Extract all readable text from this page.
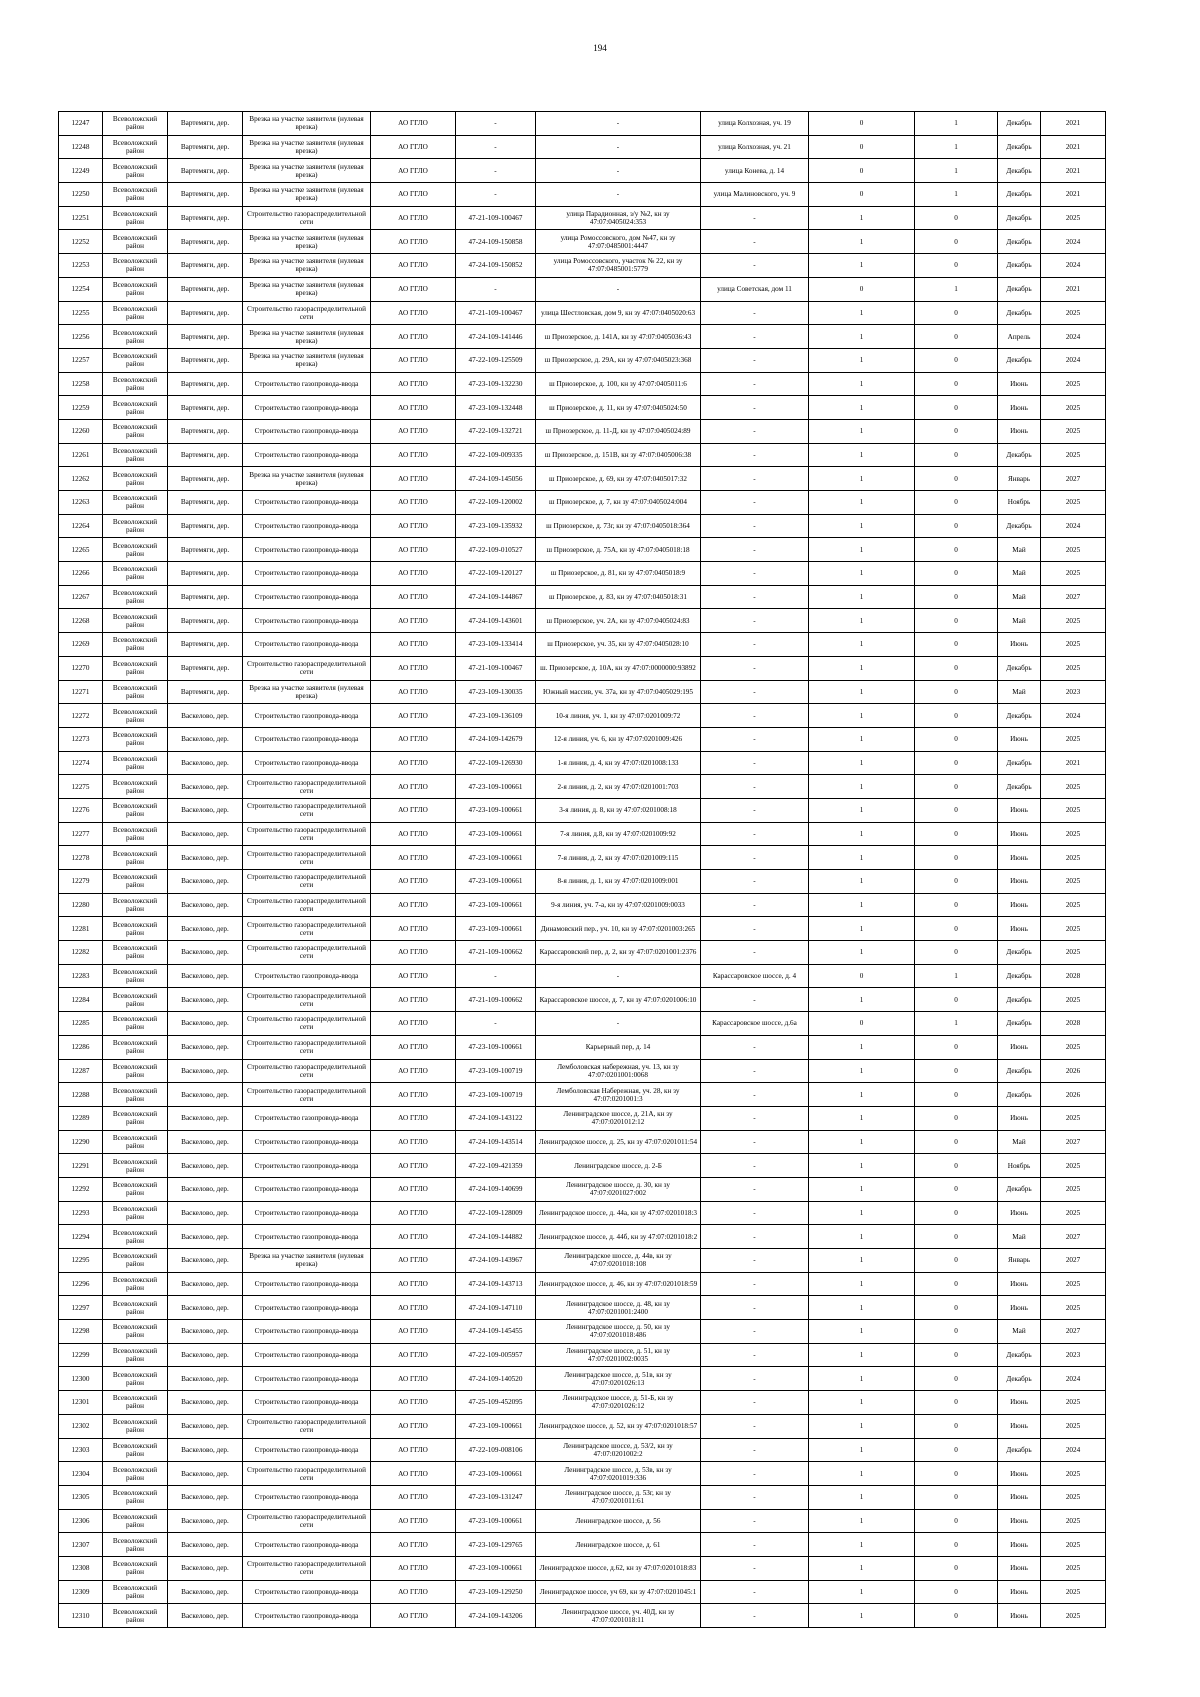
194
12247	Всеволожский район	Вартемяги, дер.	Врезка на участке заявителя (нулевая врезка)	АО ГГЛО	-	-	улица Колхозная, уч. 19	0	1	Декабрь	2021
12248	Всеволожский район	Вартемяги, дер.	Врезка на участке заявителя (нулевая врезка)	АО ГГЛО	-	-	улица Колхозная, уч. 21	0	1	Декабрь	2021
12249	Всеволожский район	Вартемяги, дер.	Врезка на участке заявителя (нулевая врезка)	АО ГГЛО	-	-	улица Конева, д. 14	0	1	Декабрь	2021
12250	Всеволожский район	Вартемяги, дер.	Врезка на участке заявителя (нулевая врезка)	АО ГГЛО	-	-	улица Малиновского, уч. 9	0	1	Декабрь	2021
12251	Всеволожский район	Вартемяги, дер.	Строительство газораспределительной сети	АО ГГЛО	47-21-109-100467	улица Парадионная, з/у №2, кн зу 47:07:0405024:353	-	1	0	Декабрь	2025
12252	Всеволожский район	Вартемяги, дер.	Врезка на участке заявителя (нулевая врезка)	АО ГГЛО	47-24-109-150858	улица Ромоссовского, дом №47, кн зу 47:07:0485001:4447	-	1	0	Декабрь	2024
12253	Всеволожский район	Вартемяги, дер.	Врезка на участке заявителя (нулевая врезка)	АО ГГЛО	47-24-109-150852	улица Ромоссовского, участок № 22, кн зу 47:07:0485001:5779	-	1	0	Декабрь	2024
12254	Всеволожский район	Вартемяги, дер.	Врезка на участке заявителя (нулевая врезка)	АО ГГЛО	-	-	улица Советская, дом 11	0	1	Декабрь	2021
12255	Всеволожский район	Вартемяги, дер.	Строительство газораспределительной сети	АО ГГЛО	47-21-109-100467	улица Шестловская, дом 9, кн зу 47:07:0405020:63	-	1	0	Декабрь	2025
12256	Всеволожский район	Вартемяги, дер.	Врезка на участке заявителя (нулевая врезка)	АО ГГЛО	47-24-109-141446	ш Приозерское, д. 141А, кн зу 47:07:0405036:43	-	1	0	Апрель	2024
12257	Всеволожский район	Вартемяги, дер.	Врезка на участке заявителя (нулевая врезка)	АО ГГЛО	47-22-109-125509	ш Приозерское, д. 29А, кн зу 47:07:0405023:368	-	1	0	Декабрь	2024
12258	Всеволожский район	Вартемяги, дер.	Строительство газопровода-ввода	АО ГГЛО	47-23-109-132230	ш Приозерское, д. 100, кн зу 47:07:0405011:6	-	1	0	Июнь	2025
12259	Всеволожский район	Вартемяги, дер.	Строительство газопровода-ввода	АО ГГЛО	47-23-109-132448	ш Приозерское, д. 11, кн зу 47:07:0405024:50	-	1	0	Июнь	2025
12260	Всеволожский район	Вартемяги, дер.	Строительство газопровода-ввода	АО ГГЛО	47-22-109-132721	ш Приозерское, д. 11-Д, кн зу 47:07:0405024:89	-	1	0	Июнь	2025
12261	Всеволожский район	Вартемяги, дер.	Строительство газопровода-ввода	АО ГГЛО	47-22-109-009335	ш Приозерское, д. 151В, кн зу 47:07:0405006:38	-	1	0	Декабрь	2025
12262	Всеволожский район	Вартемяги, дер.	Врезка на участке заявителя (нулевая врезка)	АО ГГЛО	47-24-109-145056	ш Приозерское, д. 69, кн зу 47:07:0405017:32	-	1	0	Январь	2027
12263	Всеволожский район	Вартемяги, дер.	Строительство газопровода-ввода	АО ГГЛО	47-22-109-120002	ш Приозерское, д. 7, кн зу 47:07:0405024:004	-	1	0	Ноябрь	2025
12264	Всеволожский район	Вартемяги, дер.	Строительство газопровода-ввода	АО ГГЛО	47-23-109-135932	ш Приозерское, д. 73г, кн зу 47:07:0405018:364	-	1	0	Декабрь	2024
12265	Всеволожский район	Вартемяги, дер.	Строительство газопровода-ввода	АО ГГЛО	47-22-109-010527	ш Приозерское, д. 75А, кн зу 47:07:0405018:18	-	1	0	Май	2025
12266	Всеволожский район	Вартемяги, дер.	Строительство газопровода-ввода	АО ГГЛО	47-22-109-120127	ш Приозерское, д. 81, кн зу 47:07:0405018:9	-	1	0	Май	2025
12267	Всеволожский район	Вартемяги, дер.	Строительство газопровода-ввода	АО ГГЛО	47-24-109-144867	ш Приозерское, д. 83, кн зу 47:07:0405018:31	-	1	0	Май	2027
12268	Всеволожский район	Вартемяги, дер.	Строительство газопровода-ввода	АО ГГЛО	47-24-109-143601	ш Приозерское, уч. 2А, кн зу 47:07:0405024:83	-	1	0	Май	2025
12269	Всеволожский район	Вартемяги, дер.	Строительство газопровода-ввода	АО ГГЛО	47-23-109-133414	ш Приозерское, уч. 35, кн зу 47:07:0405028:10	-	1	0	Июнь	2025
12270	Всеволожский район	Вартемяги, дер.	Строительство газораспределительной сети	АО ГГЛО	47-21-109-100467	ш. Приозерское, д. 10А, кн зу 47:07:0000000:93892	-	1	0	Декабрь	2025
12271	Всеволожский район	Вартемяги, дер.	Врезка на участке заявителя (нулевая врезка)	АО ГГЛО	47-23-109-130035	Южный массив, уч. 37а, кн зу 47:07:0405029:195	-	1	0	Май	2023
12272	Всеволожский район	Васкелово, дер.	Строительство газопровода-ввода	АО ГГЛО	47-23-109-136109	10-я линия, уч. 1, кн зу 47:07:0201009:72	-	1	0	Декабрь	2024
12273	Всеволожский район	Васкелово, дер.	Строительство газопровода-ввода	АО ГГЛО	47-24-109-142679	12-я линия, уч. 6, кн зу 47:07:0201009:426	-	1	0	Июнь	2025
12274	Всеволожский район	Васкелово, дер.	Строительство газопровода-ввода	АО ГГЛО	47-22-109-126930	1-я линия, д. 4, кн зу 47:07:0201008:133	-	1	0	Декабрь	2021
12275	Всеволожский район	Васкелово, дер.	Строительство газораспределительной сети	АО ГГЛО	47-23-109-100661	2-я линия, д. 2, кн зу 47:07:0201001:703	-	1	0	Декабрь	2025
12276	Всеволожский район	Васкелово, дер.	Строительство газораспределительной сети	АО ГГЛО	47-23-109-100661	3-я линия, д. 8, кн зу 47:07:0201008:18	-	1	0	Июнь	2025
12277	Всеволожский район	Васкелово, дер.	Строительство газораспределительной сети	АО ГГЛО	47-23-109-100661	7-я линия, д.8, кн зу 47:07:0201009:92	-	1	0	Июнь	2025
12278	Всеволожский район	Васкелово, дер.	Строительство газораспределительной сети	АО ГГЛО	47-23-109-100661	7-я линия, д. 2, кн зу 47:07:0201009:115	-	1	0	Июнь	2025
12279	Всеволожский район	Васкелово, дер.	Строительство газораспределительной сети	АО ГГЛО	47-23-109-100661	8-я линия, д. 1, кн зу 47:07:0201009:001	-	1	0	Июнь	2025
12280	Всеволожский район	Васкелово, дер.	Строительство газораспределительной сети	АО ГГЛО	47-23-109-100661	9-я линия, уч. 7-а, кн зу 47:07:0201009:0033	-	1	0	Июнь	2025
12281	Всеволожский район	Васкелово, дер.	Строительство газораспределительной сети	АО ГГЛО	47-23-109-100661	Динамовский пер., уч. 10, кн зу 47:07:0201003:265	-	1	0	Июнь	2025
12282	Всеволожский район	Васкелово, дер.	Строительство газораспределительной сети	АО ГГЛО	47-21-109-100662	Карассаровский пер, д. 2, кн зу 47:07:0201001:2376	-	1	0	Декабрь	2025
12283	Всеволожский район	Васкелово, дер.	Строительство газопровода-ввода	АО ГГЛО	-	-	Карассаровское шоссе, д. 4	0	1	Декабрь	2028
12284	Всеволожский район	Васкелово, дер.	Строительство газораспределительной сети	АО ГГЛО	47-21-109-100662	Карассаровское шоссе, д. 7, кн зу 47:07:0201006:10	-	1	0	Декабрь	2025
12285	Всеволожский район	Васкелово, дер.	Строительство газораспределительной сети	АО ГГЛО	-	-	Карассаровское шоссе, д.6а	0	1	Декабрь	2028
12286	Всеволожский район	Васкелово, дер.	Строительство газораспределительной сети	АО ГГЛО	47-23-109-100661	Карьерный пер, д. 14	-	1	0	Июнь	2025
12287	Всеволожский район	Васкелово, дер.	Строительство газораспределительной сети	АО ГГЛО	47-23-109-100719	Лемболовская набережная, уч. 13, кн зу 47:07:0201001:0068	-	1	0	Декабрь	2026
12288	Всеволожский район	Васкелово, дер.	Строительство газораспределительной сети	АО ГГЛО	47-23-109-100719	Лемболовская Набережная, уч. 28, кн зу 47:07:0201001:3	-	1	0	Декабрь	2026
12289	Всеволожский район	Васкелово, дер.	Строительство газопровода-ввода	АО ГГЛО	47-24-109-143122	Ленинградское шоссе, д. 21А, кн зу 47:07:0201012:12	-	1	0	Июнь	2025
12290	Всеволожский район	Васкелово, дер.	Строительство газопровода-ввода	АО ГГЛО	47-24-109-143514	Ленинградское шоссе, д. 25, кн зу 47:07:0201011:54	-	1	0	Май	2027
12291	Всеволожский район	Васкелово, дер.	Строительство газопровода-ввода	АО ГГЛО	47-22-109-421359	Ленинградское шоссе, д. 2-Б	-	1	0	Ноябрь	2025
12292	Всеволожский район	Васкелово, дер.	Строительство газопровода-ввода	АО ГГЛО	47-24-109-140699	Ленинградское шоссе, д. 30, кн зу 47:07:0201027:002	-	1	0	Декабрь	2025
12293	Всеволожский район	Васкелово, дер.	Строительство газопровода-ввода	АО ГГЛО	47-22-109-128009	Ленинградское шоссе, д. 44а, кн зу 47:07:0201018:3	-	1	0	Июнь	2025
12294	Всеволожский район	Васкелово, дер.	Строительство газопровода-ввода	АО ГГЛО	47-24-109-144882	Ленинградское шоссе, д. 44б, кн зу 47:07:0201018:2	-	1	0	Май	2027
12295	Всеволожский район	Васкелово, дер.	Врезка на участке заявителя (нулевая врезка)	АО ГГЛО	47-24-109-143967	Ленинградское шоссе, д. 44в, кн зу 47:07:0201018:108	-	1	0	Январь	2027
12296	Всеволожский район	Васкелово, дер.	Строительство газопровода-ввода	АО ГГЛО	47-24-109-143713	Ленинградское шоссе, д. 46, кн зу 47:07:0201018:59	-	1	0	Июнь	2025
12297	Всеволожский район	Васкелово, дер.	Строительство газопровода-ввода	АО ГГЛО	47-24-109-147110	Ленинградское шоссе, д. 48, кн зу 47:07:0201001:2400	-	1	0	Июнь	2025
12298	Всеволожский район	Васкелово, дер.	Строительство газопровода-ввода	АО ГГЛО	47-24-109-145455	Ленинградское шоссе, д. 50, кн зу 47:07:0201018:486	-	1	0	Май	2027
12299	Всеволожский район	Васкелово, дер.	Строительство газопровода-ввода	АО ГГЛО	47-22-109-005957	Ленинградское шоссе, д. 51, кн зу 47:07:0201002:0035	-	1	0	Декабрь	2023
12300	Всеволожский район	Васкелово, дер.	Строительство газопровода-ввода	АО ГГЛО	47-24-109-140520	Ленинградское шоссе, д. 51в, кн зу 47:07:0201026:13	-	1	0	Декабрь	2024
12301	Всеволожский район	Васкелово, дер.	Строительство газопровода-ввода	АО ГГЛО	47-25-109-452095	Ленинградское шоссе, д. 51-Б, кн зу 47:07:0201026:12	-	1	0	Июнь	2025
12302	Всеволожский район	Васкелово, дер.	Строительство газораспределительной сети	АО ГГЛО	47-23-109-100661	Ленинградское шоссе, д. 52, кн зу 47:07:0201018:57	-	1	0	Июнь	2025
12303	Всеволожский район	Васкелово, дер.	Строительство газопровода-ввода	АО ГГЛО	47-22-109-008106	Ленинградское шоссе, д. 53/2, кн зу 47:07:0201002:2	-	1	0	Декабрь	2024
12304	Всеволожский район	Васкелово, дер.	Строительство газораспределительной сети	АО ГГЛО	47-23-109-100661	Ленинградское шоссе, д. 53в, кн зу 47:07:0201019:336	-	1	0	Июнь	2025
12305	Всеволожский район	Васкелово, дер.	Строительство газопровода-ввода	АО ГГЛО	47-23-109-131247	Ленинградское шоссе, д. 53г, кн зу 47:07:0201011:61	-	1	0	Июнь	2025
12306	Всеволожский район	Васкелово, дер.	Строительство газораспределительной сети	АО ГГЛО	47-23-109-100661	Ленинградское шоссе, д. 56	-	1	0	Июнь	2025
12307	Всеволожский район	Васкелово, дер.	Строительство газопровода-ввода	АО ГГЛО	47-23-109-129765	Ленинградское шоссе, д. 61	-	1	0	Июнь	2025
12308	Всеволожский район	Васкелово, дер.	Строительство газораспределительной сети	АО ГГЛО	47-23-109-100661	Ленинградское шоссе, д.62, кн зу 47:07:0201018:83	-	1	0	Июнь	2025
12309	Всеволожский район	Васкелово, дер.	Строительство газопровода-ввода	АО ГГЛО	47-23-109-129250	Ленинградское шоссе, уч 69, кн зу 47:07:0201045:1	-	1	0	Июнь	2025
12310	Всеволожский район	Васкелово, дер.	Строительство газопровода-ввода	АО ГГЛО	47-24-109-143206	Ленинградское шоссе, уч. 40Д, кн зу 47:07:0201018:11	-	1	0	Июнь	2025
